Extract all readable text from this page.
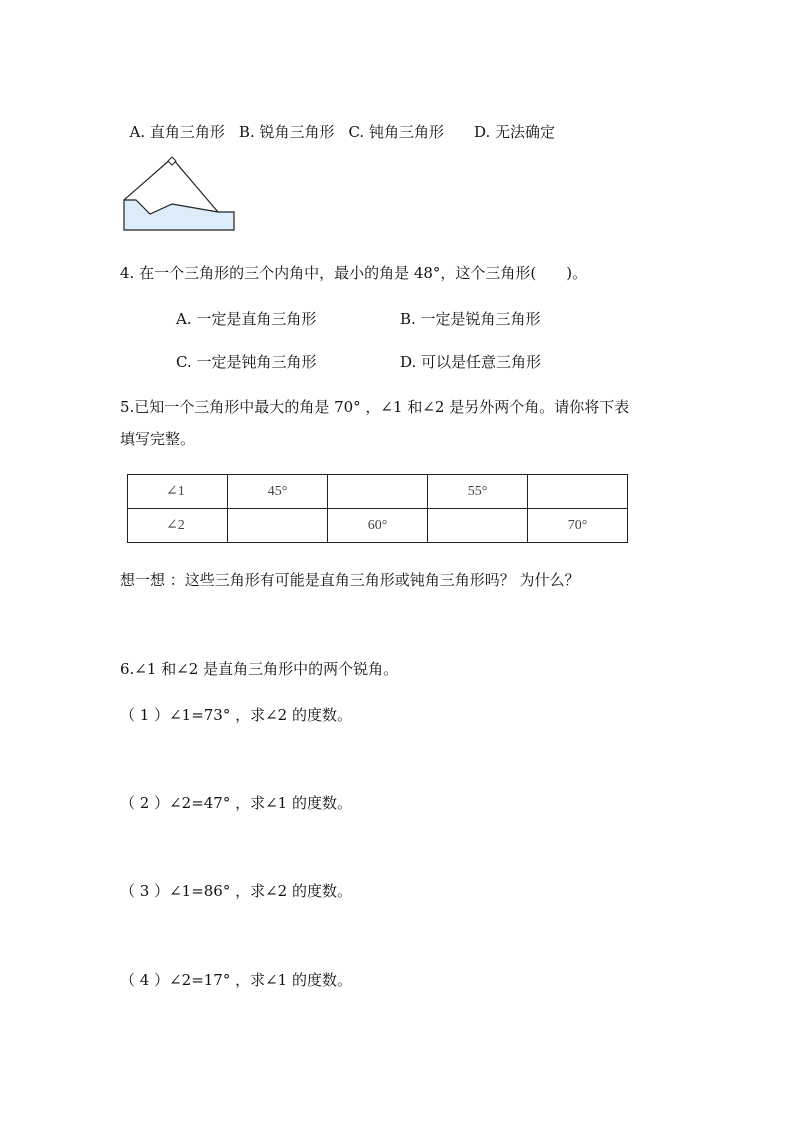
A. 直角三角形 B. 锐角三角形 C. 钝角三角形 D. 无法确定

4. 在一个三角形的三个内角中，最小的角是 48°，这个三角形(　　)。
A. 一定是直角三角形	B. 一定是锐角三角形
C. 一定是钝角三角形	D. 可以是任意三角形
5.已知一个三角形中最大的角是 70° ，∠1 和∠2 是另外两个角。请你将下表
填写完整。
∠1	45°		55°	
∠2		60°		70°
想一想 ：这些三角形有可能是直角三角形或钝角三角形吗？ 为什么？
6.∠1 和∠2 是直角三角形中的两个锐角。
（ 1 ）∠1=73° ，求∠2 的度数。
（ 2 ）∠2=47° ，求∠1 的度数。
（ 3 ）∠1=86° ，求∠2 的度数。
（ 4 ）∠2=17° ，求∠1 的度数。
